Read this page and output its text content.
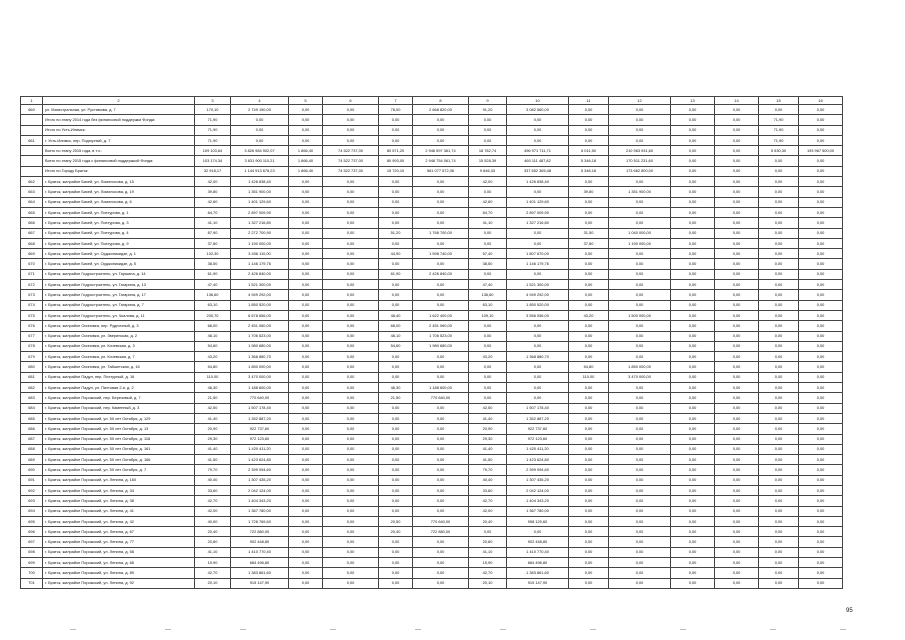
1	2	3	4	5	6	7	8	9	10	11	12	13	14	15	16
660	ул. Магистральная, ул. Рустамова, д. 7	170,10	2 749 190,00	0,00	0,00	78,00	2 668 820,00	91,20	3 082 560,00	0,00	0,00	0,00	0,00	0,00	0,00
	Итого по этапу 2014 года без финансовой поддержки Фонда:	71,90	0,00	0,00	0,00	0,00	0,00	0,00	0,00	0,00	0,00	0,00	0,00	71,90	0,00
	Итого по Усть-Илимск:	71,90	0,00	0,00	0,00	0,00	0,00	0,00	0,00	0,00	0,00	0,00	0,00	71,90	0,00
661	г. Усть-Илимск, пер. Подгорный, д. 7	71,90	0,00	0,00	0,00	0,00	0,00	0,00	0,00	0,00	0,00	0,00	0,00	71,90	0,00
	Всего по этапу 2015 года, в т.ч.:	109 103,64	3 826 984 902,07	1 866,40	74 522 737,00	80 571,20	2 946 597 361,74	18 782,74	496 971 711,71	6 011,50	210 963 931,60	0,00	0,00	5 530,30	193 967 500,00
	Всего по этапу 2015 года с финансовой поддержкой Фонда:	103 174,34	3 631 900 110,21	1 866,40	74 522 737,00	80 993,00	2 948 754 061,74	15 528,39	460 111 487,82	5 346,18	170 511 231,60	0,00	0,00	0,00	0,00
	Итого по Городу Братск:	32 918,17	1 144 913 678,23	1 866,40	74 522 737,00	15 720,10	561 077 572,36	9 846,33	337 652 365,48	5 346,18	173 662 800,00	0,00	0,00	0,00	0,00
662	г. Братск, жилрайон Бикей, ул. Ломоносова, д. 15	42,00	1 426 838,40	0,00	0,00	0,00	0,00	42,00	1 426 838,40	0,00	0,00	0,00	0,00	0,00	0,00
663	г. Братск, жилрайон Бикей, ул. Ломоносова, д. 19	39,80	1 351 900,00	0,00	0,00	0,00	0,00	0,00	0,00	39,80	1 351 900,00	0,00	0,00	0,00	0,00
664	г. Братск, жилрайон Бикей, ул. Ломоносова, д. 6	42,60	1 401 129,60	0,00	0,00	0,00	0,00	42,60	1 401 129,60	0,00	0,00	0,00	0,00	0,00	0,00
665	г. Братск, жилрайон Бикей, ул. Пихтурова, д. 1	84,70	2 897 009,90	0,00	0,00	0,00	0,00	84,70	2 897 009,90	0,00	0,00	0,00	0,00	0,00	0,00
666	г. Братск, жилрайон Бикей, ул. Пихтурова, д. 3	41,10	1 327 216,80	0,00	0,00	0,00	0,00	41,10	1 327 216,80	0,00	0,00	0,00	0,00	0,00	0,00
667	г. Братск, жилрайон Бикей, ул. Пихтурова, д. 4	87,90	2 272 700,90	0,00	0,00	51,20	1 768 700,00	0,00	0,00	31,50	1 040 000,00	0,00	0,00	0,00	0,00
668	г. Братск, жилрайон Бикей, ул. Пихтурова, д. 9	37,80	1 190 000,00	0,00	0,00	0,00	0,00	0,00	0,00	37,80	1 190 000,00	0,00	0,00	0,00	0,00
669	г. Братск, жилрайон Бикей, ул. Орджоникидзе, д. 1	102,30	3 406 110,00	0,00	0,00	44,90	1 598 740,00	57,40	1 807 670,00	0,00	0,00	0,00	0,00	0,00	0,00
670	г. Братск, жилрайон Бикей, ул. Орджоникидзе, д. 5	38,50	1 146 179,76	0,00	0,00	0,00	0,00	38,50	1 146 179,76	0,00	0,00	0,00	0,00	0,00	0,00
671	г. Братск, жилрайон Гидростроитель, ул. Гаршина, д. 14	61,90	2 426 840,00	0,00	0,00	61,90	2 426 840,00	0,00	0,00	0,00	0,00	0,00	0,00	0,00	0,00
672	г. Братск, жилрайон Гидростроитель, ул. Гагарина, д. 13	47,40	1 521 300,00	0,00	0,00	0,00	0,00	47,40	1 521 300,00	0,00	0,00	0,00	0,00	0,00	0,00
673	г. Братск, жилрайон Гидростроитель, ул. Гагарина, д. 17	136,60	4 949 292,00	0,00	0,00	0,00	0,00	136,60	4 949 292,00	0,00	0,00	0,00	0,00	0,00	0,00
674	г. Братск, жилрайон Гидростроитель, ул. Гагарина, д. 7	63,10	1 850 520,00	0,00	0,00	0,00	0,00	63,10	1 850 520,00	0,00	0,00	0,00	0,00	0,00	0,00
675	г. Братск, жилрайон Гидростроитель, ул. Чкалова, д. 11	200,70	6 678 656,00	0,00	0,00	48,40	1 622 400,00	109,10	3 556 056,00	43,20	1 500 000,00	0,00	0,00	0,00	0,00
676	г. Братск, жилрайон Осиновка, пер. Рудничный, д. 3	68,00	2 451 060,00	0,00	0,00	68,00	2 451 060,00	0,00	0,00	0,00	0,00	0,00	0,00	0,00	0,00
677	г. Братск, жилрайон Осиновка, ул. Зверинская, д. 2	48,10	1 706 523,00	0,00	0,00	48,10	1 706 523,00	0,00	0,00	0,00	0,00	0,00	0,00	0,00	0,00
678	г. Братск, жилрайон Осиновка, ул. Кочевская, д. 3	54,60	1 980 680,00	0,00	0,00	54,60	1 980 680,00	0,00	0,00	0,00	0,00	0,00	0,00	0,00	0,00
679	г. Братск, жилрайон Осиновка, ул. Кочевская, д. 7	43,20	1 368 880,70	0,00	0,00	0,00	0,00	43,20	1 368 880,70	0,00	0,00	0,00	0,00	0,00	0,00
680	г. Братск, жилрайон Осиновка, ул. Тайшетская, д. 16	54,80	1 850 000,00	0,00	0,00	0,00	0,00	0,00	0,00	54,80	1 850 000,00	0,00	0,00	0,00	0,00
681	г. Братск, жилрайон Падун, пер. Пихтурный, д. 16	110,00	3 470 000,00	0,00	0,00	0,00	0,00	0,00	0,00	110,00	3 470 000,00	0,00	0,00	0,00	0,00
682	г. Братск, жилрайон Падун, ул. Пихтовая 2-я, д. 2	46,30	1 188 600,00	0,00	0,00	46,30	1 188 600,00	0,00	0,00	0,00	0,00	0,00	0,00	0,00	0,00
683	г. Братск, жилрайон Порожский, пер. Березовый, д. 7	21,50	770 640,00	0,00	0,00	21,50	770 640,00	0,00	0,00	0,00	0,00	0,00	0,00	0,00	0,00
684	г. Братск, жилрайон Порожский, пер. Каменный, д. 3	42,50	1 507 178,40	0,00	0,00	0,00	0,00	42,50	1 507 178,40	0,00	0,00	0,00	0,00	0,00	0,00
685	г. Братск, жилрайон Порожский, ул. 50 лет Октября, д. 129	41,40	1 352 887,20	0,00	0,00	0,00	0,00	41,40	1 352 887,20	0,00	0,00	0,00	0,00	0,00	0,00
686	г. Братск, жилрайон Порожский, ул. 50 лет Октября, д. 13	20,90	922 737,60	0,00	0,00	0,00	0,00	20,90	922 737,60	0,00	0,00	0,00	0,00	0,00	0,00
687	г. Братск, жилрайон Порожский, ул. 50 лет Октября, д. 118	29,30	972 123,60	0,00	0,00	0,00	0,00	29,30	972 123,60	0,00	0,00	0,00	0,00	0,00	0,00
688	г. Братск, жилрайон Порожский, ул. 50 лет Октября, д. 161	41,40	1 420 411,20	0,00	0,00	0,00	0,00	41,40	1 420 411,20	0,00	0,00	0,00	0,00	0,00	0,00
689	г. Братск, жилрайон Порожский, ул. 50 лет Октября, д. 166	41,50	1 423 624,80	0,00	0,00	0,00	0,00	41,50	1 423 624,80	0,00	0,00	0,00	0,00	0,00	0,00
690	г. Братск, жилрайон Порожский, ул. 50 лет Октября, д. 7	79,70	2 399 094,60	0,00	0,00	0,00	0,00	79,70	2 399 094,60	0,00	0,00	0,00	0,00	0,00	0,00
691	г. Братск, жилрайон Порожский, ул. Ленина, д. 160	40,40	1 307 435,20	0,00	0,00	0,00	0,00	40,40	1 307 435,20	0,00	0,00	0,00	0,00	0,00	0,00
692	г. Братск, жилрайон Порожский, ул. Ленина, д. 34	33,60	2 042 124,00	0,00	0,00	0,00	0,00	33,60	2 042 124,00	0,00	0,00	0,00	0,00	0,00	0,00
693	г. Братск, жилрайон Порожский, ул. Ленина, д. 38	42,70	1 404 343,20	0,00	0,00	0,00	0,00	42,70	1 404 343,20	0,00	0,00	0,00	0,00	0,00	0,00
694	г. Братск, жилрайон Порожский, ул. Ленина, д. 41	42,00	1 367 780,00	0,00	0,00	0,00	0,00	42,00	1 367 780,00	0,00	0,00	0,00	0,00	0,00	0,00
695	г. Братск, жилрайон Порожский, ул. Ленина, д. 42	40,90	1 728 769,60	0,00	0,00	20,50	770 640,00	20,40	958 129,60	0,00	0,00	0,00	0,00	0,00	0,00
696	г. Братск, жилрайон Порожский, ул. Ленина, д. 67	20,40	722 880,00	0,00	0,00	20,40	722 880,00	0,00	0,00	0,00	0,00	0,00	0,00	0,00	0,00
697	г. Братск, жилрайон Порожский, ул. Ленина, д. 77	20,80	902 448,80	0,00	0,00	0,00	0,00	20,80	902 448,80	0,00	0,00	0,00	0,00	0,00	0,00
698	г. Братск, жилрайон Порожский, ул. Ленина, д. 58	41,10	1 410 770,40	0,00	0,00	0,00	0,00	41,10	1 410 770,40	0,00	0,00	0,00	0,00	0,00	0,00
699	г. Братск, жилрайон Порожский, ул. Ленина, д. 68	19,90	684 496,80	0,00	0,00	0,00	0,00	19,90	684 496,80	0,00	0,00	0,00	0,00	0,00	0,00
700	г. Братск, жилрайон Порожский, ул. Ленина, д. 89	42,70	1 383 861,60	0,00	0,00	0,00	0,00	42,70	1 383 861,60	0,00	0,00	0,00	0,00	0,00	0,00
701	г. Братск, жилрайон Порожский, ул. Ленина, д. 92	20,10	915 147,90	0,00	0,00	0,00	0,00	20,10	915 147,90	0,00	0,00	0,00	0,00	0,00	0,00
95
